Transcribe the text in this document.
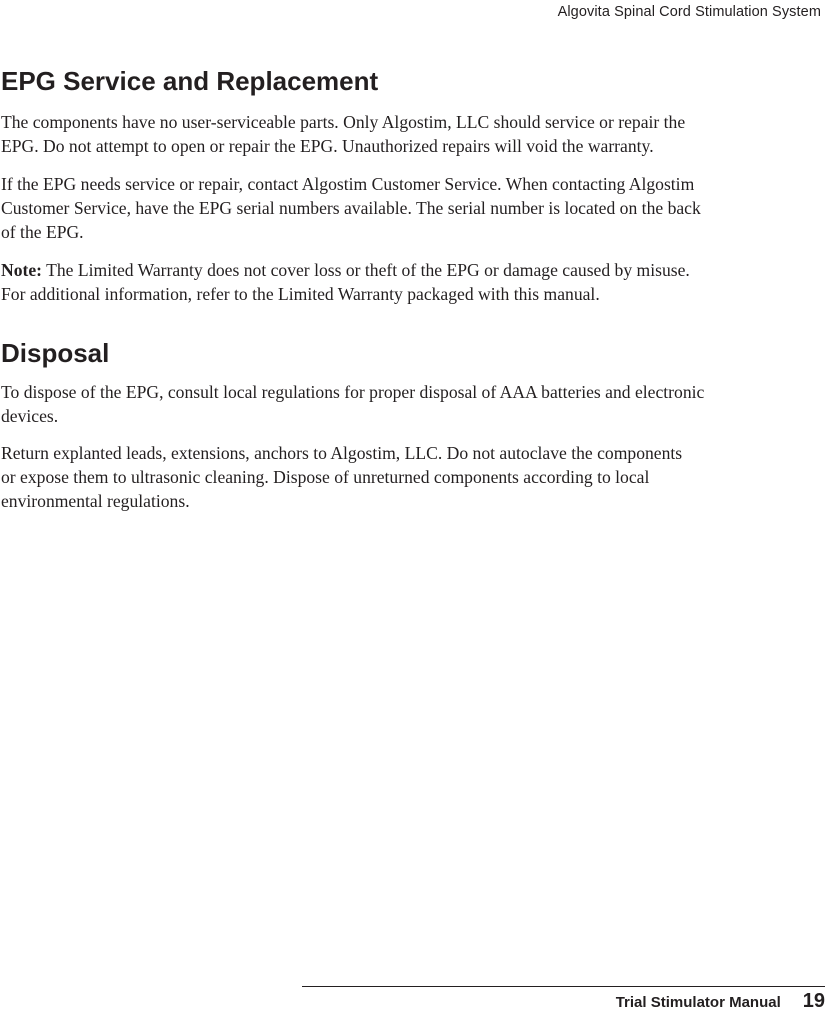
Algovita Spinal Cord Stimulation System
EPG Service and Replacement

The components have no user-serviceable parts. Only Algostim, LLC should service or repair the
EPG. Do not attempt to open or repair the EPG. Unauthorized repairs will void the warranty.

If the EPG needs service or repair, contact Algostim Customer Service. When contacting Algostim
Customer Service, have the EPG serial numbers available. The serial number is located on the back
of the EPG.

Note: The Limited Warranty does not cover loss or theft of the EPG or damage caused by misuse.
For additional information, refer to the Limited Warranty packaged with this manual.

Disposal

To dispose of the EPG, consult local regulations for proper disposal of AAA batteries and electronic
devices.

Return explanted leads, extensions, anchors to Algostim, LLC. Do not autoclave the components
or expose them to ultrasonic cleaning. Dispose of unreturned components according to local
environmental regulations.

Trial Stimulator Manual 19
